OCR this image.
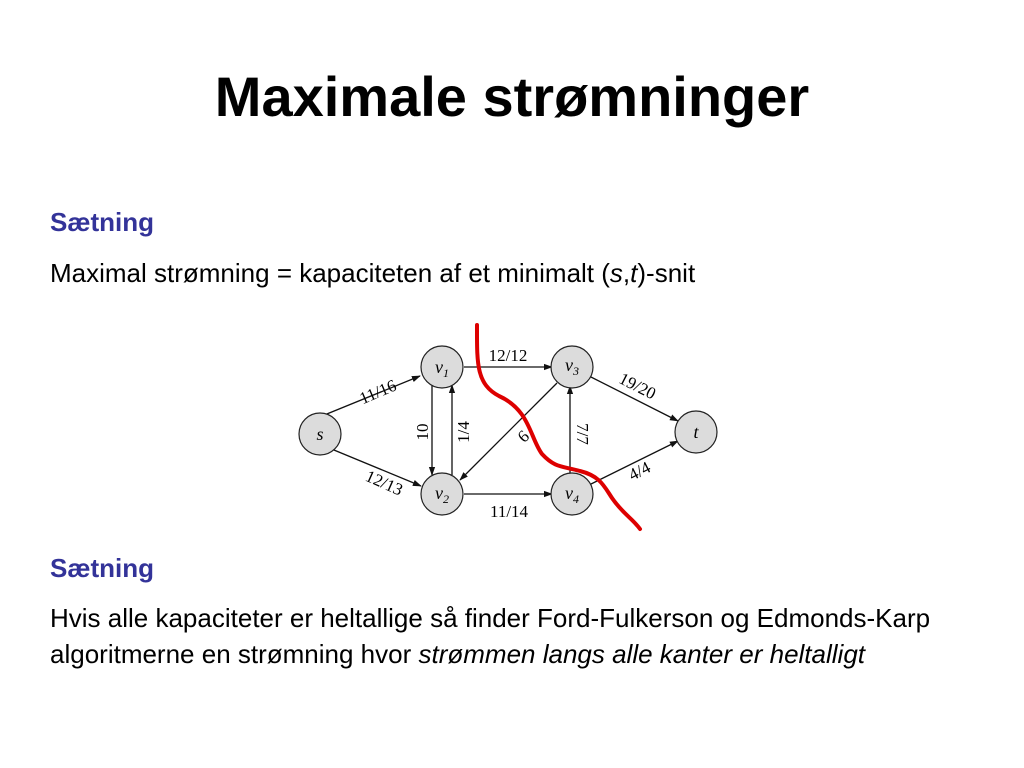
Maximale strømninger
Sætning
Maximal strømning = kapaciteten af et minimalt (s,t)-snit
11/16
12/13
10 1/4
12/12
9
11/14
7/7
19/20
4/4
s
$v_1$
$v_2$
$v_3$
$v_4$
t
Sætning
Hvis alle kapaciteter er heltallige så finder Ford-Fulkerson og Edmonds-Karp algoritmerne en strømning hvor strømmen langs alle kanter er heltalligt
